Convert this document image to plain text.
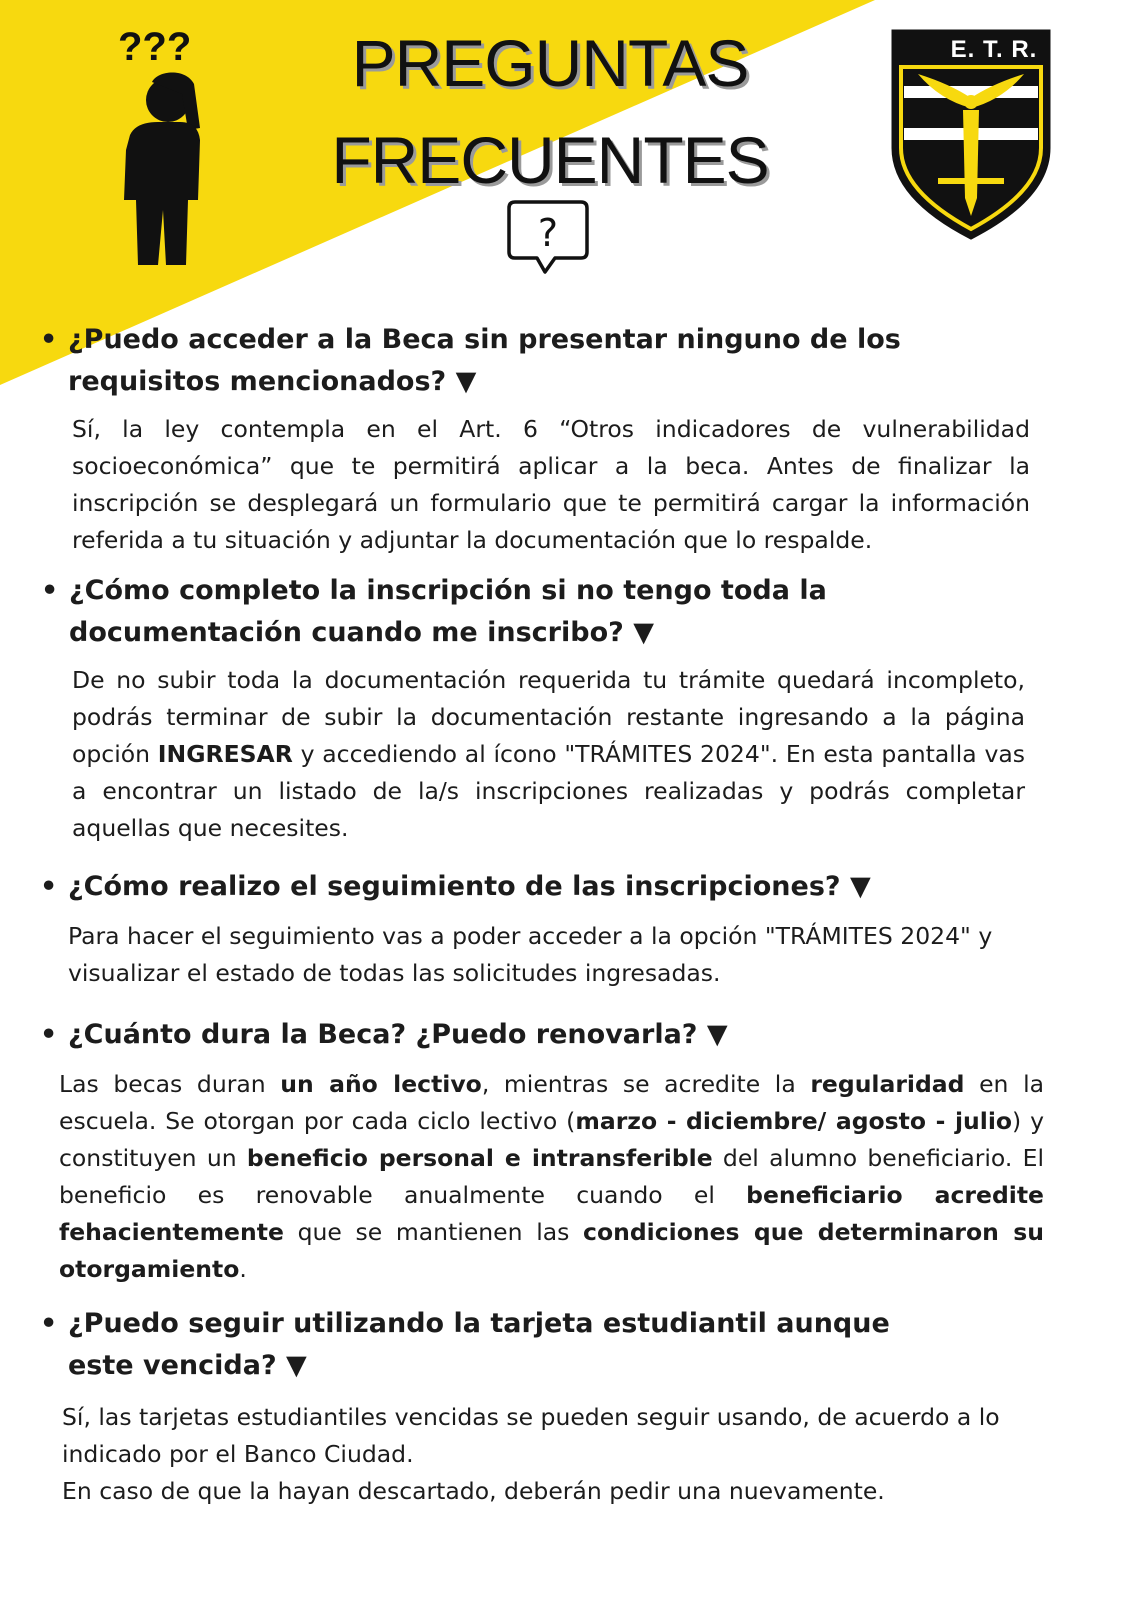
???	PREGUNTAS
FRECUENTES
?
E. T. R.

• ¿Puedo acceder a la Beca sin presentar ninguno de los requisitos mencionados? ▼

Sí, la ley contempla en el Art. 6 “Otros indicadores de vulnerabilidad socioeconómica” que te permitirá aplicar a la beca. Antes de finalizar la inscripción se desplegará un formulario que te permitirá cargar la información referida a tu situación y adjuntar la documentación que lo respalde.

• ¿Cómo completo la inscripción si no tengo toda la documentación cuando me inscribo? ▼

De no subir toda la documentación requerida tu trámite quedará incompleto, podrás terminar de subir la documentación restante ingresando a la página opción INGRESAR y accediendo al ícono "TRÁMITES 2024". En esta pantalla vas a encontrar un listado de la/s inscripciones realizadas y podrás completar aquellas que necesites.

• ¿Cómo realizo el seguimiento de las inscripciones? ▼

Para hacer el seguimiento vas a poder acceder a la opción "TRÁMITES 2024" y visualizar el estado de todas las solicitudes ingresadas.

• ¿Cuánto dura la Beca? ¿Puedo renovarla? ▼

Las becas duran un año lectivo, mientras se acredite la regularidad en la escuela. Se otorgan por cada ciclo lectivo (marzo - diciembre/ agosto - julio) y constituyen un beneficio personal e intransferible del alumno beneficiario. El beneficio es renovable anualmente cuando el beneficiario acredite fehacientemente que se mantienen las condiciones que determinaron su otorgamiento.

• ¿Puedo seguir utilizando la tarjeta estudiantil aunque este vencida? ▼

Sí, las tarjetas estudiantiles vencidas se pueden seguir usando, de acuerdo a lo indicado por el Banco Ciudad.

En caso de que la hayan descartado, deberán pedir una nuevamente.
